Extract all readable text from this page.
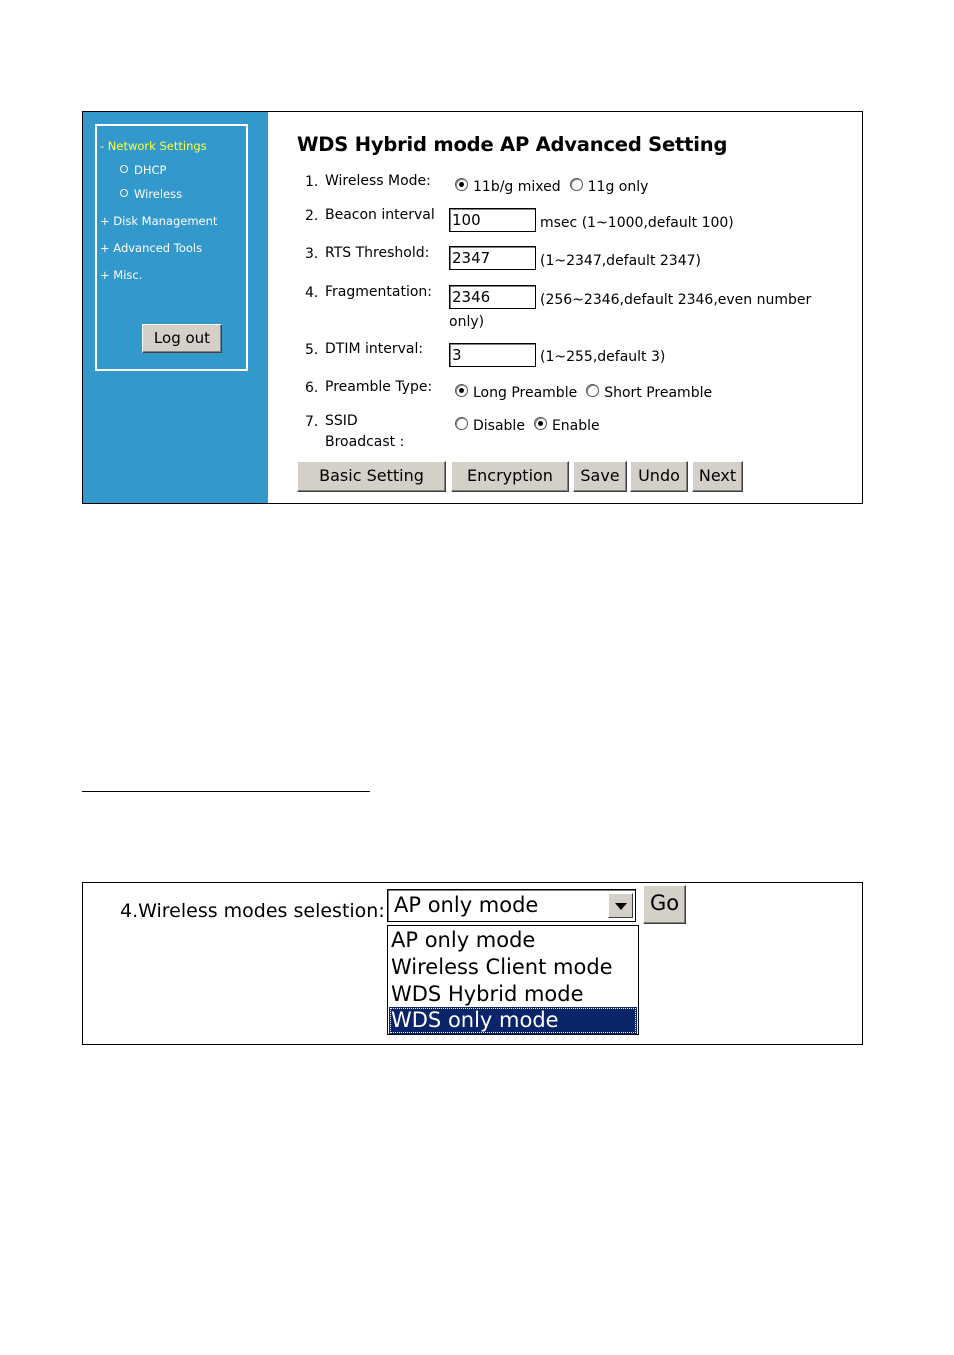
- Network Settings
DHCP
Wireless
+ Disk Management
+ Advanced Tools
+ Misc.
Log out
WDS Hybrid mode AP Advanced Setting
1. Wireless Mode:	11b/g mixed 11g only
2. Beacon interval 100	msec (1~1000,default 100)
3. RTS Threshold: 2347	(1~2347,default 2347)
4. Fragmentation: 2346	(256~2346,default 2346,even number
only)
5. DTIM interval: 3	(1~255,default 3)
6. Preamble Type:	Long Preamble Short Preamble
7. SSID
Broadcast :
Disable Enable
Basic Setting	Encryption	Save	Undo	Next
4.Wireless modes selestion: AP only mode	Go
AP only mode
Wireless Client mode
WDS Hybrid mode
WDS only mode
